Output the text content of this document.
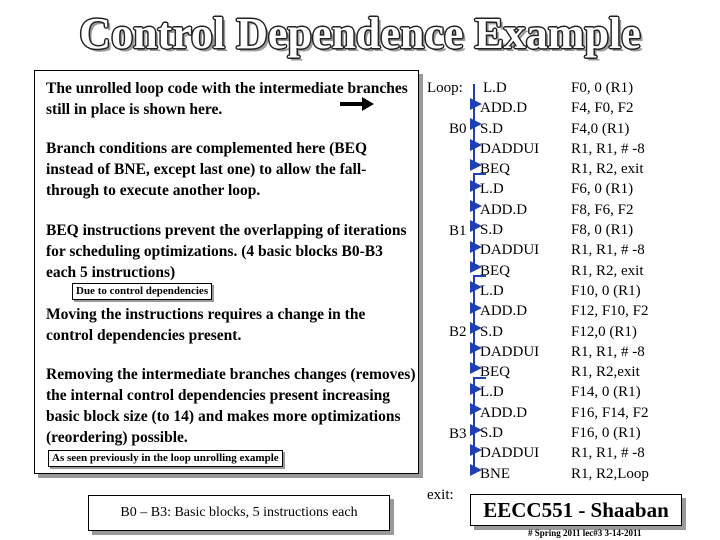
Control Dependence Example
The unrolled loop code with the intermediate branches still in place is shown here.
Branch conditions are complemented here (BEQ instead of BNE, except last one) to allow the fall-through to execute another loop.
BEQ instructions prevent the overlapping of iterations for scheduling optimizations. (4 basic blocks B0-B3 each 5 instructions)
Due to control dependencies
Moving the instructions requires a change in the control dependencies present.
Removing the intermediate branches changes (removes) the internal control dependencies present increasing basic block size (to 14) and makes more optimizations (reordering) possible.
As seen previously in the loop unrolling example
B0 – B3: Basic blocks, 5 instructions each
Loop:
B0
B1
B2
B3
exit:
L.D
ADD.D
S.D
DADDUI
BEQ
L.D
ADD.D
S.D
DADDUI
BEQ
L.D
ADD.D
S.D
DADDUI
BEQ
L.D
ADD.D
S.D
DADDUI
BNE
F0, 0 (R1)
F4, F0, F2
F4,0 (R1)
R1, R1, # -8
R1, R2, exit
F6, 0 (R1)
F8, F6, F2
F8, 0 (R1)
R1, R1, # -8
R1, R2, exit
F10, 0 (R1)
F12, F10, F2
F12,0 (R1)
R1, R1, # -8
R1, R2,exit
F14, 0 (R1)
F16, F14, F2
F16, 0 (R1)
R1, R1, # -8
R1, R2,Loop
EECC551 - Shaaban
# Spring 2011 lec#3 3-14-2011
